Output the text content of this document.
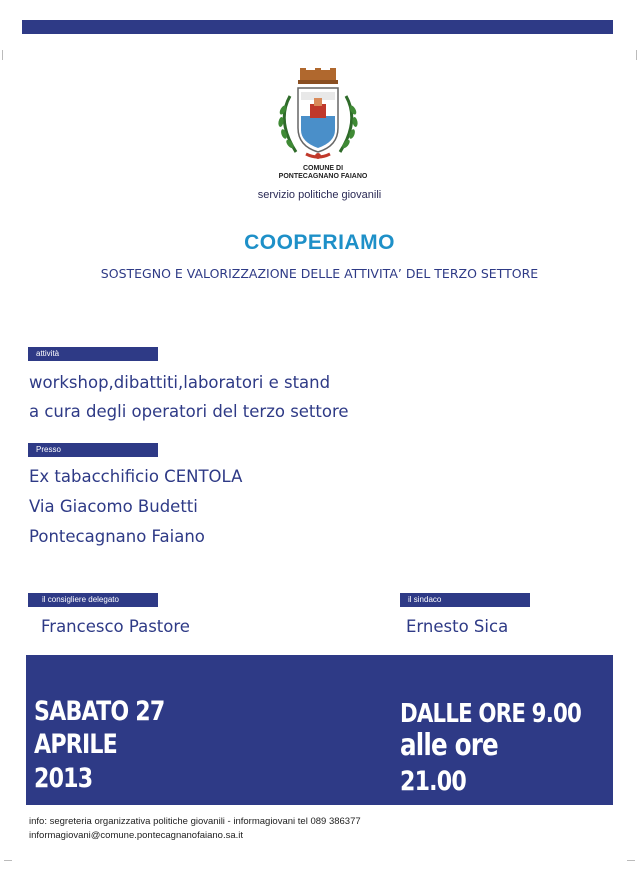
COMUNE DI
PONTECAGNANO FAIANO
servizio politiche giovanili
COOPERIAMO
SOSTEGNO E VALORIZZAZIONE DELLE ATTIVITA’ DEL TERZO SETTORE
attività
workshop,dibattiti,laboratori e stand
a cura degli operatori del terzo settore
Presso
Ex tabacchificio CENTOLA
Via Giacomo Budetti
Pontecagnano Faiano
il consigliere delegato
Francesco Pastore
il sindaco
Ernesto Sica
SABATO 27
APRILE
2013
DALLE ORE 9.00
alle ore
21.00
info: segreteria organizzativa politiche giovanili - informagiovani tel 089 386377
informagiovani@comune.pontecagnanofaiano.sa.it
